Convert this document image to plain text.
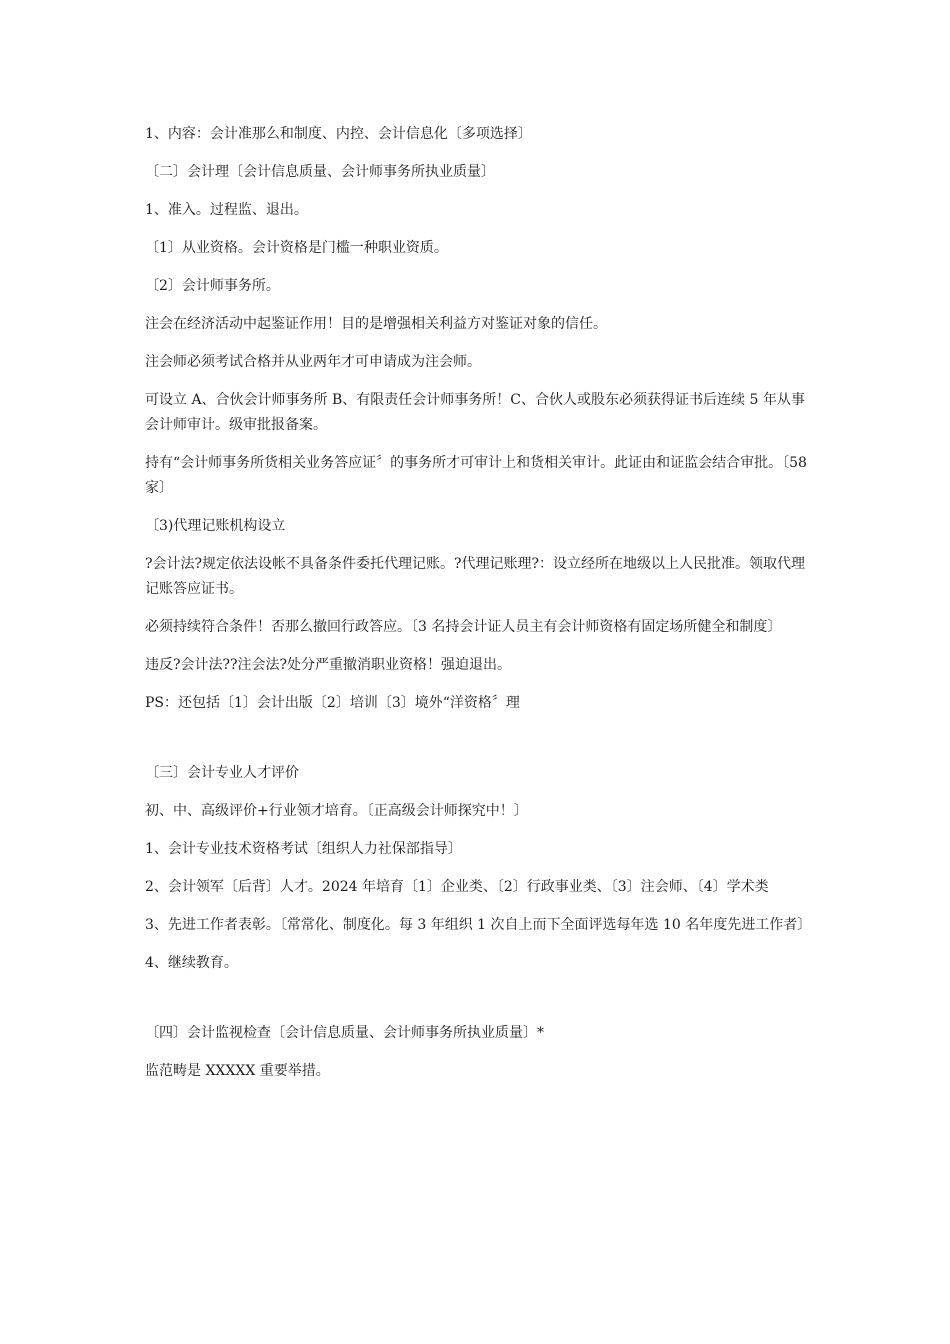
1、内容：会计准那么和制度、内控、会计信息化〔多项选择〕

〔二〕会计理〔会计信息质量、会计师事务所执业质量〕

1、准入。过程监、退出。

〔1〕从业资格。会计资格是门槛一种职业资质。

〔2〕会计师事务所。

注会在经济活动中起鉴证作用！目的是增强相关利益方对鉴证对象的信任。

注会师必须考试合格并从业两年才可申请成为注会师。

可设立 A、合伙会计师事务所 B、有限责任会计师事务所！C、合伙人或股东必须获得证书后连续 5 年从事会计师审计。级审批报备案。

持有“会计师事务所货相关业务答应证〞的事务所才可审计上和货相关审计。此证由和证监会结合审批。〔58 家〕

〔3)代理记账机构设立

?会计法?规定依法设帐不具备条件委托代理记账。?代理记账理?：设立经所在地级以上人民批准。领取代理记账答应证书。

必须持续符合条件！否那么撤回行政答应。〔3 名持会计证人员主有会计师资格有固定场所健全和制度〕

违反?会计法??注会法?处分严重撤消职业资格！强迫退出。

PS：还包括〔1〕会计出版〔2〕培训〔3〕境外“洋资格〞理

〔三〕会计专业人才评价

初、中、高级评价+行业领才培育。〔正高级会计师探究中！〕

1、会计专业技术资格考试〔组织人力社保部指导〕

2、会计领军〔后背〕人才。2024 年培育〔1〕企业类、〔2〕行政事业类、〔3〕注会师、〔4〕学术类

3、先进工作者表彰。〔常常化、制度化。每 3 年组织 1 次自上而下全面评选每年选 10 名年度先进工作者〕

4、继续教育。

〔四〕会计监视检查〔会计信息质量、会计师事务所执业质量〕*

监范畴是 XXXXX 重要举措。
